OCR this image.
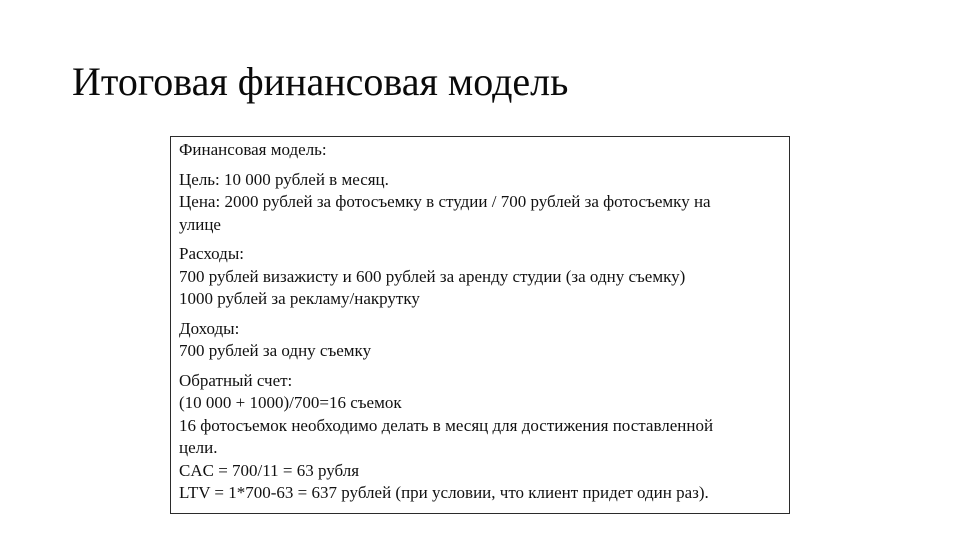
Итоговая финансовая модель
Финансовая модель:
Цель: 10 000 рублей в месяц.
Цена: 2000 рублей за фотосъемку в студии / 700 рублей за фотосъемку на
улице
Расходы:
700 рублей визажисту и 600 рублей за аренду студии (за одну съемку)
1000 рублей за рекламу/накрутку
Доходы:
700 рублей за одну съемку
Обратный счет:
(10 000 + 1000)/700=16 съемок
16 фотосъемок необходимо делать в месяц для достижения поставленной
цели.
CAC = 700/11 = 63 рубля
LTV = 1*700-63 = 637 рублей (при условии, что клиент придет один раз).
